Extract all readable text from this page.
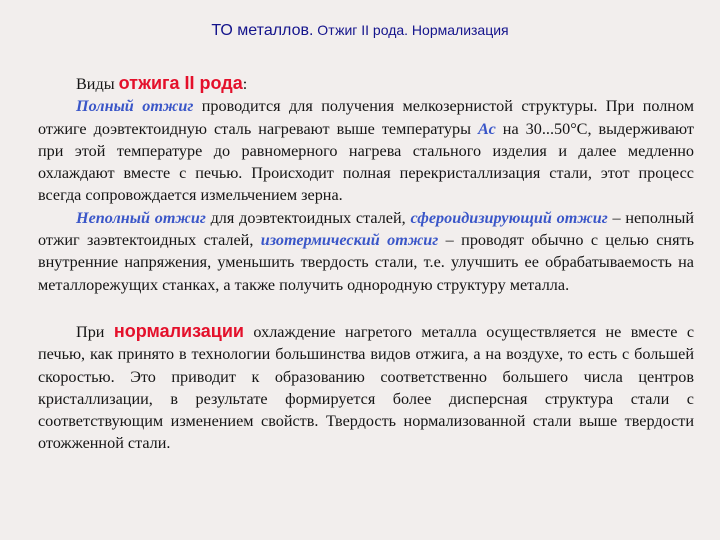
ТО металлов. Отжиг II рода. Нормализация

Виды отжига II рода:

Полный отжиг проводится для получения мелкозернистой структуры. При полном отжиге доэвтектоидную сталь нагревают выше температуры Ас на 30...50°С, выдерживают при этой температуре до равномерного нагрева стального изделия и далее медленно охлаждают вместе с печью. Происходит полная перекристаллизация стали, этот процесс всегда сопровождается измельчением зерна.

Неполный отжиг для доэвтектоидных сталей, сфероидизирующий отжиг – неполный отжиг заэвтектоидных сталей, изотермический отжиг – проводят обычно с целью снять внутренние напряжения, уменьшить твердость стали, т.е. улучшить ее обрабатываемость на металлорежущих станках, а также получить однородную структуру металла.

При нормализации охлаждение нагретого металла осуществляется не вместе с печью, как принято в технологии большинства видов отжига, а на воздухе, то есть с большей скоростью. Это приводит к образованию соответственно большего числа центров кристаллизации, в результате формируется более дисперсная структура стали с соответствующим изменением свойств. Твердость нормализованной стали выше твердости отожженной стали.
